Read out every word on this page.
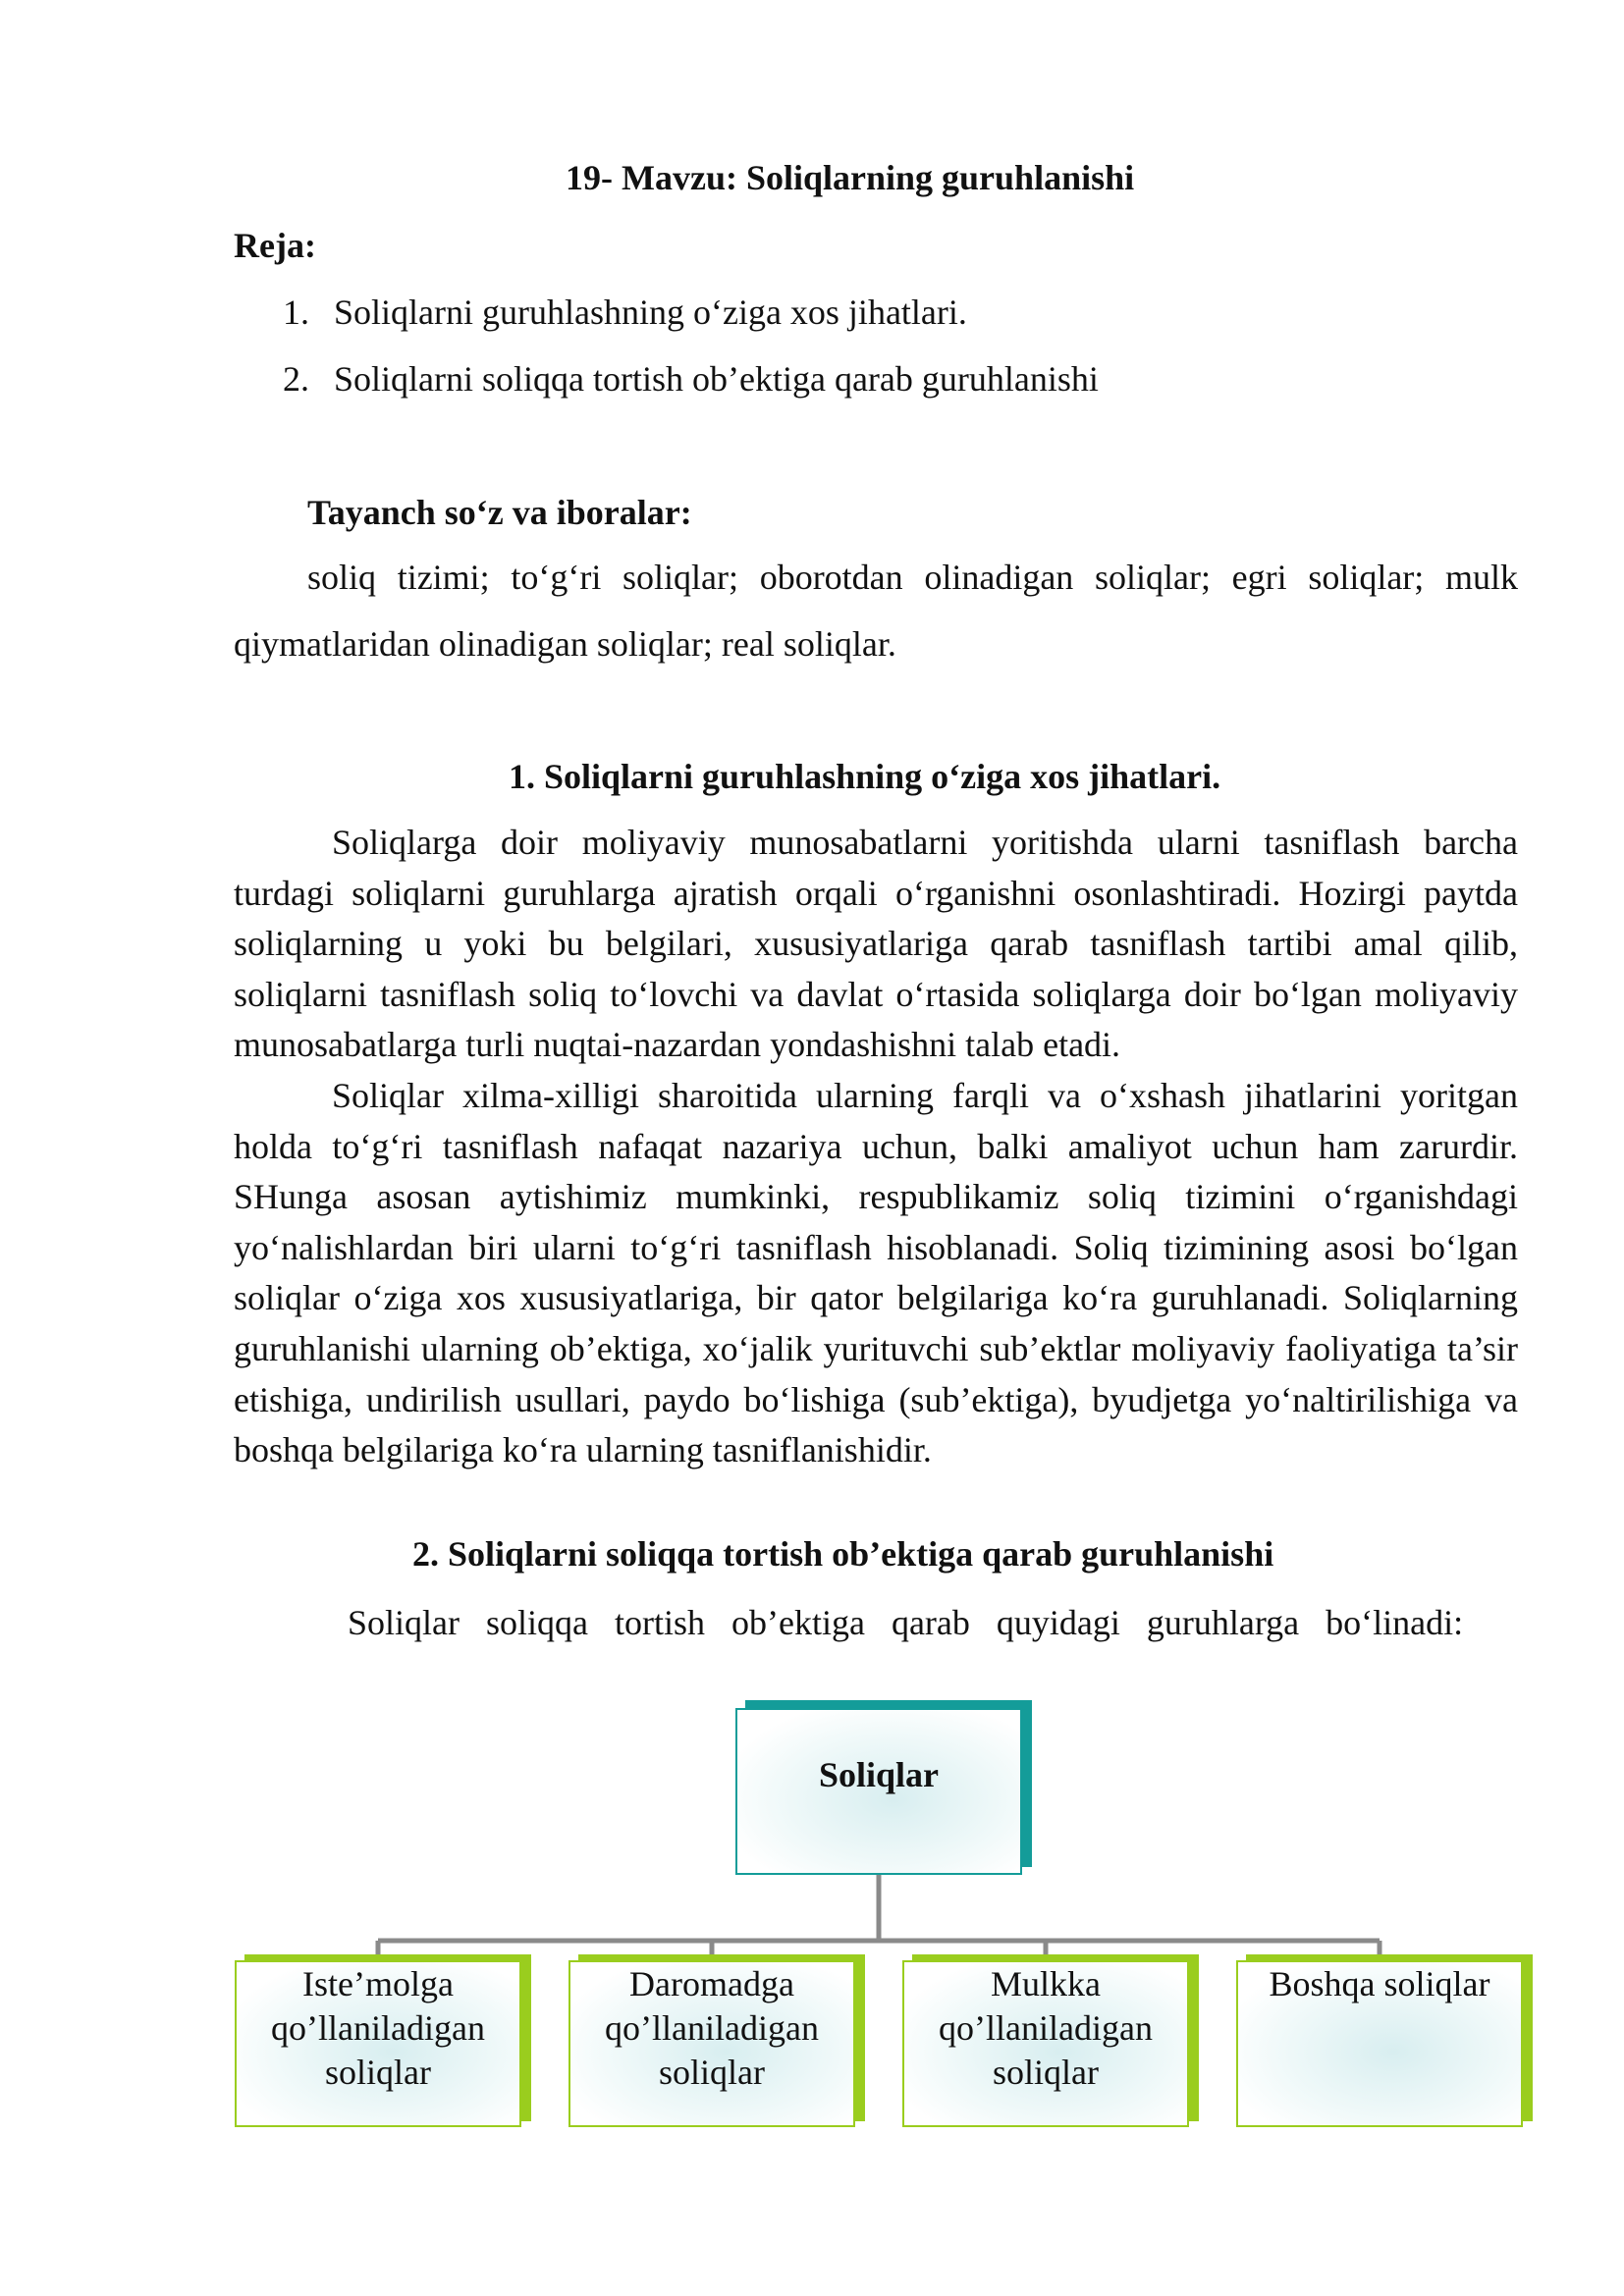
19- Mavzu: Soliqlarning guruhlanishi
Reja:
1. Soliqlarni guruhlashning o‘ziga xos jihatlari.
2. Soliqlarni soliqqa tortish ob’ektiga qarab guruhlanishi
Tayanch so‘z va iboralar:

soliq tizimi; to‘g‘ri soliqlar; oborotdan olinadigan soliqlar; egri soliqlar; mulk

qiymatlaridan olinadigan soliqlar; real soliqlar.
1. Soliqlarni guruhlashning o‘ziga xos jihatlari.

Soliqlarga doir moliyaviy munosabatlarni yoritishda ularni tasniflash barcha turdagi soliqlarni guruhlarga ajratish orqali o‘rganishni osonlashtiradi. Hozirgi paytda soliqlarning u yoki bu belgilari, xususiyatlariga qarab tasniflash tartibi amal qilib, soliqlarni tasniflash soliq to‘lovchi va davlat o‘rtasida soliqlarga doir bo‘lgan moliyaviy munosabatlarga turli nuqtai-nazardan yondashishni talab etadi.

Soliqlar xilma-xilligi sharoitida ularning farqli va o‘xshash jihatlarini yoritgan holda to‘g‘ri tasniflash nafaqat nazariya uchun, balki amaliyot uchun ham zarurdir. SHunga asosan aytishimiz mumkinki, respublikamiz soliq tizimini o‘rganishdagi yo‘nalishlardan biri ularni to‘g‘ri tasniflash hisoblanadi. Soliq tizimining asosi bo‘lgan soliqlar o‘ziga xos xususiyatlariga, bir qator belgilariga ko‘ra guruhlanadi. Soliqlarning guruhlanishi ularning ob’ektiga, xo‘jalik yurituvchi sub’ektlar moliyaviy faoliyatiga ta’sir etishiga, undirilish usullari, paydo bo‘lishiga (sub’ektiga), byudjetga yo‘naltirilishiga va boshqa belgilariga ko‘ra ularning tasniflanishidir.

2. Soliqlarni soliqqa tortish ob’ektiga qarab guruhlanishi

Soliqlar soliqqa tortish ob’ektiga qarab quyidagi guruhlarga bo‘linadi:

Soliqlar
Iste’molga
qo’llaniladigan
soliqlar
Daromadga
qo’llaniladigan
soliqlar
Mulkka
qo’llaniladigan
soliqlar
Boshqa soliqlar
